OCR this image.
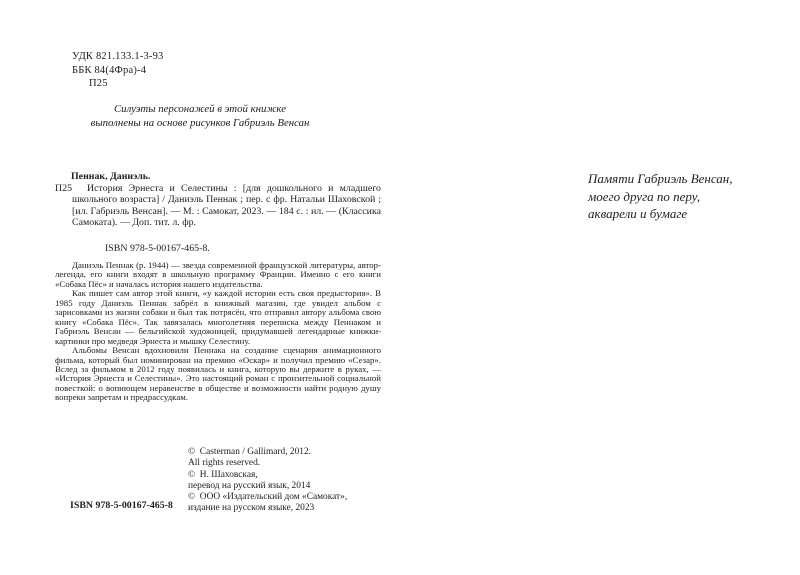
УДК 821.133.1-3-93
ББК 84(4Фра)-4
П25
Силуэты персонажей в этой книжке
выполнены на основе рисунков Габриэль Венсан
Памяти Габриэль Венсан,
моего друга по перу,
акварели и бумаге

Пеннак, Даниэль.

П25	История Эрнеста и Селестины : [для дошкольного и младшего школьного возраста] / Даниэль Пеннак ; пер. с фр. Натальи Шаховской ; [ил. Габриэль Венсан]. — М. : Самокат, 2023. — 184 с. : ил. — (Классика Самоката). — Доп. тит. л. фр.

ISBN 978-5-00167-465-8.

Даниэль Пеннак (р. 1944) — звезда современной французской литературы, автор-легенда, его книги входят в школьную программу Франции. Именно с его книги «Собака Пёс» и началась история нашего издательства.

Как пишет сам автор этой книги, «у каждой истории есть своя предыстория». В 1985 году Даниэль Пеннак забрёл в книжный магазин, где увидел альбом с зарисовками из жизни собаки и был так потрясён, что отправил автору альбома свою книгу «Собака Пёс». Так завязалась многолетняя переписка между Пеннаком и Габриэль Венсан — бельгийской художницей, придумавшей легендарные книжки-картинки про медведя Эрнеста и мышку Селестину.

Альбомы Венсан вдохновили Пеннака на создание сценария анимационного фильма, который был номинирован на премию «Оскар» и получил премию «Сезар». Вслед за фильмом в 2012 году появилась и книга, которую вы держите в руках, — «История Эрнеста и Селестины». Это настоящий роман с пронзительной социальной повесткой: о вопиющем неравенстве в обществе и возможности найти родную душу вопреки запретам и предрассудкам.

©  Casterman / Gallimard, 2012.
All rights reserved.
©  Н. Шаховская,
перевод на русский язык, 2014
©  ООО «Издательский дом «Самокат»,
издание на русском языке, 2023
ISBN 978-5-00167-465-8
